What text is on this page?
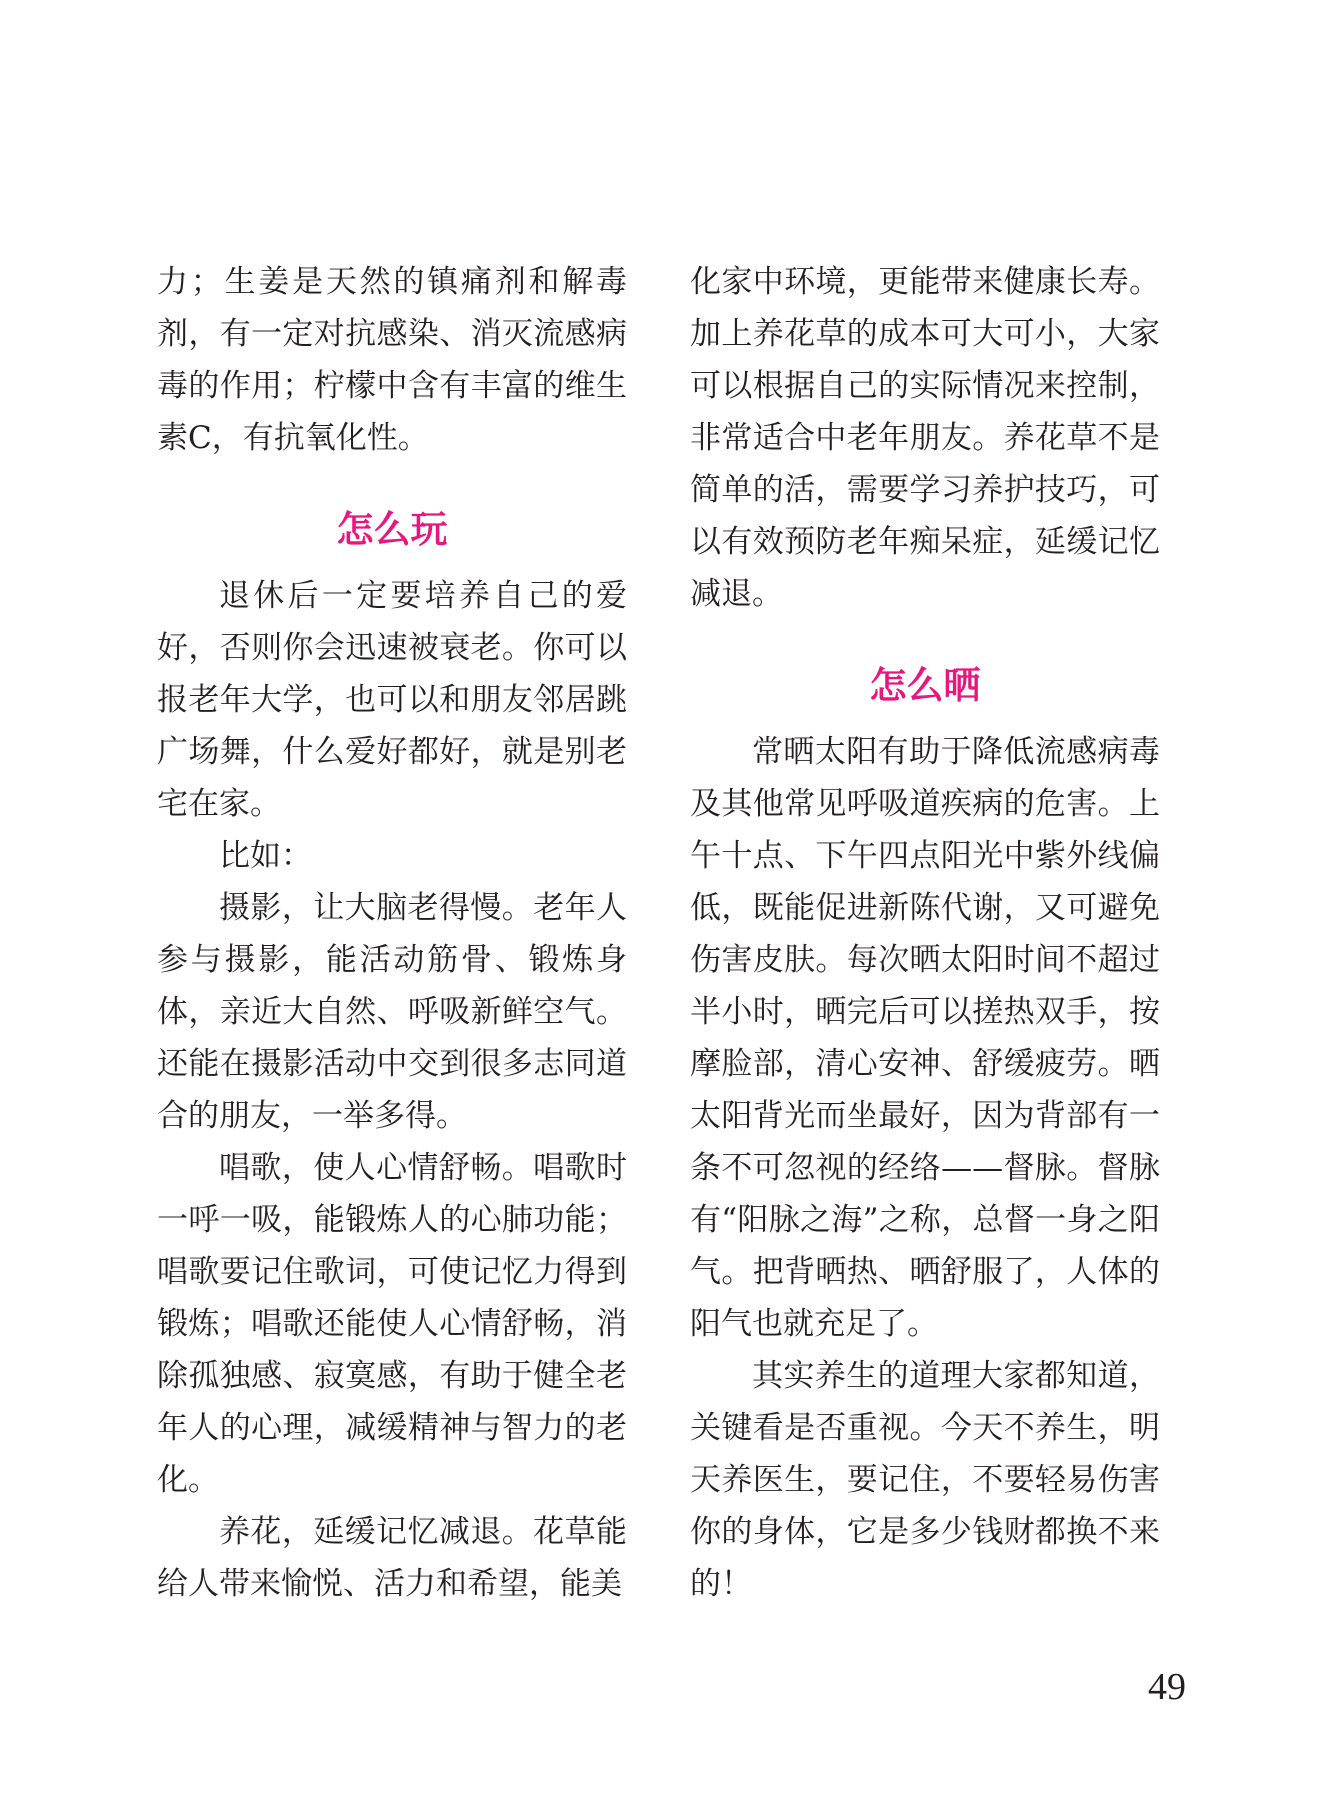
力；生姜是天然的镇痛剂和解毒剂，有一定对抗感染、消灭流感病毒的作用；柠檬中含有丰富的维生素C，有抗氧化性。

怎么玩

退休后一定要培养自己的爱好，否则你会迅速被衰老。你可以报老年大学，也可以和朋友邻居跳广场舞，什么爱好都好，就是别老宅在家。

比如：

摄影，让大脑老得慢。老年人参与摄影，能活动筋骨、锻炼身体，亲近大自然、呼吸新鲜空气。还能在摄影活动中交到很多志同道合的朋友，一举多得。

唱歌，使人心情舒畅。唱歌时一呼一吸，能锻炼人的心肺功能；唱歌要记住歌词，可使记忆力得到锻炼；唱歌还能使人心情舒畅，消除孤独感、寂寞感，有助于健全老年人的心理，减缓精神与智力的老化。

养花，延缓记忆减退。花草能给人带来愉悦、活力和希望，能美

化家中环境，更能带来健康长寿。加上养花草的成本可大可小，大家可以根据自己的实际情况来控制，非常适合中老年朋友。养花草不是简单的活，需要学习养护技巧，可以有效预防老年痴呆症，延缓记忆减退。

怎么晒

常晒太阳有助于降低流感病毒及其他常见呼吸道疾病的危害。上午十点、下午四点阳光中紫外线偏低，既能促进新陈代谢，又可避免伤害皮肤。每次晒太阳时间不超过半小时，晒完后可以搓热双手，按摩脸部，清心安神、舒缓疲劳。晒太阳背光而坐最好，因为背部有一条不可忽视的经络——督脉。督脉有“阳脉之海”之称，总督一身之阳气。把背晒热、晒舒服了，人体的阳气也就充足了。

其实养生的道理大家都知道，关键看是否重视。今天不养生，明天养医生，要记住，不要轻易伤害你的身体，它是多少钱财都换不来的！

49
